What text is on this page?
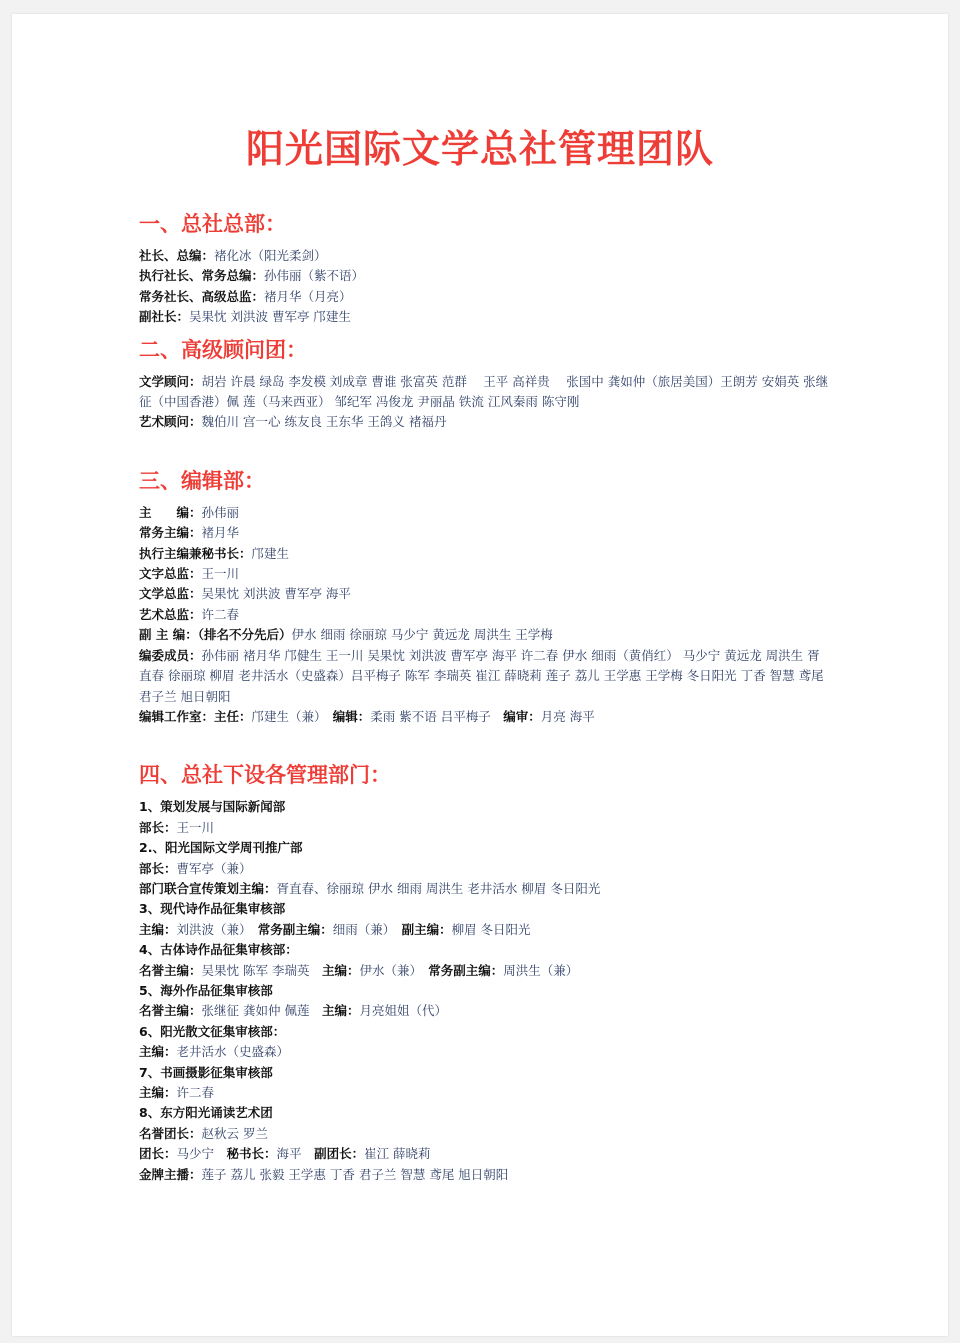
阳光国际文学总社管理团队
一、总社总部：
社长、总编：褚化冰（阳光柔剑）
执行社长、常务总编：孙伟丽（紫不语）
常务社长、高级总监：褚月华（月亮）
副社长：吴果忱 刘洪波 曹军亭 邝建生
二、高级顾问团：
文学顾问：胡岩 许晨 绿岛 李发模 刘成章 曹谁 张富英 范群　 王平 高祥贵　 张国中 龚如仲（旅居美国）王朗芳 安娟英 张继征（中国香港）佩 莲（马来西亚） 邹纪军 冯俊龙 尹丽晶 铁流 江风秦雨 陈守刚
艺术顾问：魏伯川 宫一心 练友良 王东华 王鸽义 褚福丹
三、编辑部：
主　　编：孙伟丽
常务主编：褚月华
执行主编兼秘书长：邝建生
文字总监：王一川
文学总监：吴果忱 刘洪波 曹军亭 海平
艺术总监：许二春
副 主 编：（排名不分先后）伊水 细雨 徐丽琼 马少宁 黄远龙 周洪生 王学梅
编委成员：孙伟丽 褚月华 邝健生 王一川 吴果忱 刘洪波 曹军亭 海平 许二春 伊水 细雨（黄俏红） 马少宁 黄远龙 周洪生 胥直春 徐丽琼 柳眉 老井活水（史盛森）吕平梅子 陈军 李瑞英 崔江 薛晓莉 莲子 荔儿 王学惠 王学梅 冬日阳光 丁香 智慧 鸢尾 君子兰 旭日朝阳
编辑工作室：主任：邝建生（兼）　编辑：柔雨 紫不语 吕平梅子　编审：月亮 海平
四、总社下设各管理部门：
1、策划发展与国际新闻部
部长：王一川
2.、阳光国际文学周刊推广部
部长：曹军亭（兼）
部门联合宣传策划主编：胥直春、徐丽琼 伊水 细雨 周洪生 老井活水 柳眉 冬日阳光
3、现代诗作品征集审核部
主编：刘洪波（兼）　常务副主编：细雨（兼）　副主编：柳眉 冬日阳光
4、古体诗作品征集审核部：
名誉主编：吴果忱 陈军 李瑞英　主编：伊水（兼）　常务副主编：周洪生（兼）
5、海外作品征集审核部
名誉主编：张继征 龚如仲 佩莲　主编：月亮姐姐（代）
6、阳光散文征集审核部：
主编：老井活水（史盛森）
7、书画摄影征集审核部
主编：许二春
8、东方阳光诵读艺术团
名誉团长：赵秋云 罗兰
团长：马少宁　秘书长：海平　副团长：崔江 薛晓莉
金牌主播：莲子 荔儿 张毅 王学惠 丁香 君子兰 智慧 鸢尾 旭日朝阳
